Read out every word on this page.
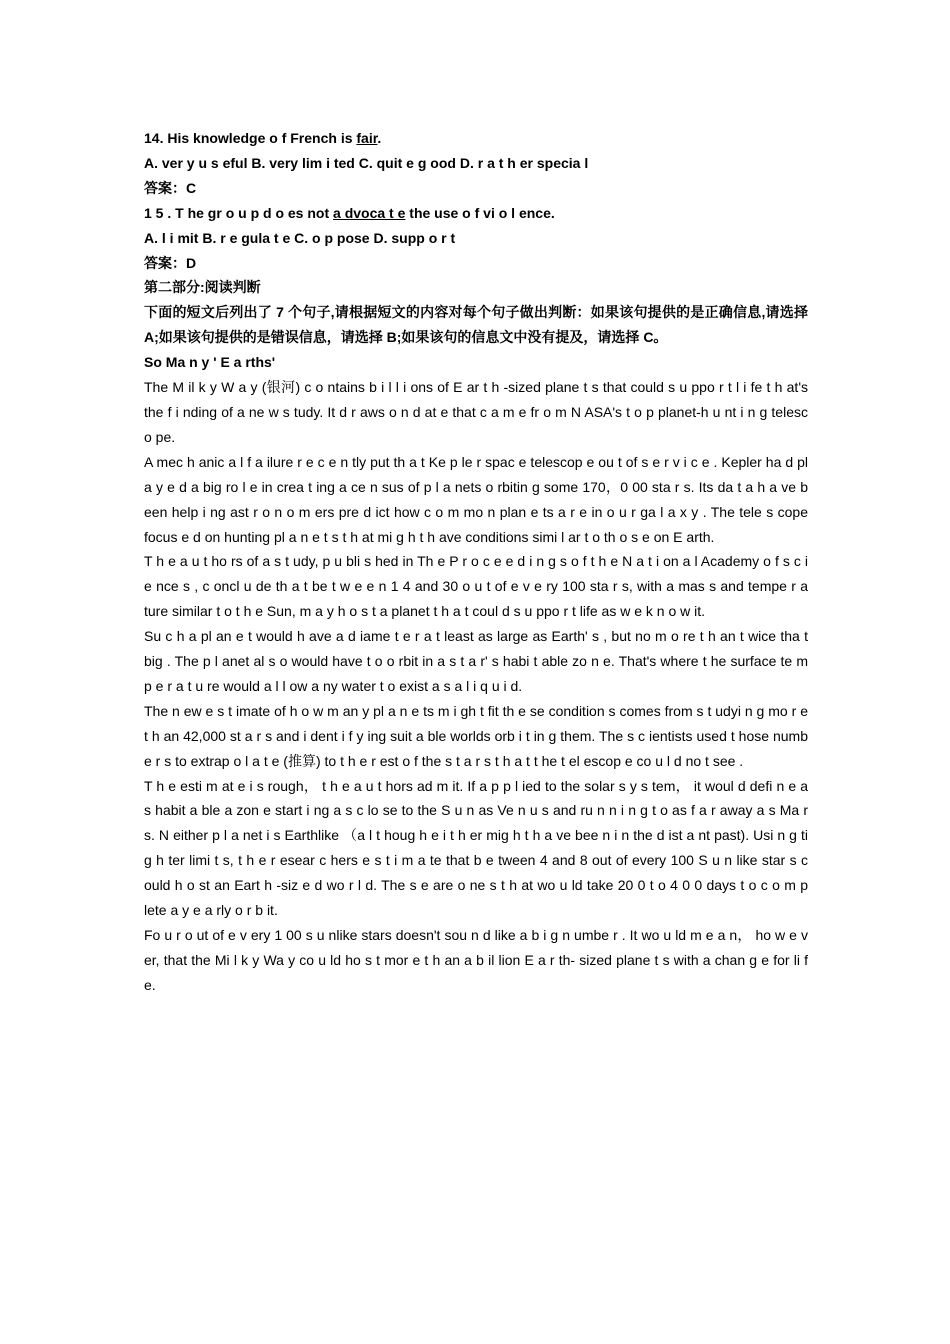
14. His knowledge o f French is fair.
A. ver y u s eful B. very lim i ted C. quit e g ood D. r a t h er specia l
答案：C
1 5 . T he gr o u p d o es not a dvoca t e the use o f vi o l ence.
A. l i mit B. r e gula t e C. o p pose D. supp o r t
答案：D
第二部分:阅读判断
下面的短文后列出了 7 个句子,请根据短文的内容对每个句子做出判断：如果该句提供的是正确信息,请选择 A;如果该句提供的是错误信息，请选择 B;如果该句的信息文中没有提及，请选择 C。
So Ma n y ' E a rths'
The M il k y W a y (银河) c o ntains b i l l i ons of E ar t h -sized plane t s that could s u ppo r t l i fe t h at's the f i nding of a ne w s tudy. It d r aws o n d at e that c a m e fr o m N ASA's t o p planet-h u nt i n g telesc o pe.
A mec h anic a l f a ilure r e c e n tly put th a t Ke p le r spac e telescop e ou t of s e r v i c e . Kepler ha d pl a y e d a big ro l e in crea t ing a ce n sus of p l a nets o rbitin g some 170，0 00 sta r s. Its da t a h a ve b een help i ng ast r o n o m ers pre d ict how c o m mo n plan e ts a r e in o u r ga l a x y . The tele s cope focus e d on hunting pl a n e t s t h at mi g h t h ave conditions simi l ar t o th o s e on E arth.
T h e a u t ho rs of a s t udy, p u bli s hed in Th e P r o c e e d i n g s o f t h e N a t i on a l Academy o f s c i e nce s , c oncl u de th a t be t w e e n 1 4 and 30 o u t of e v e ry 100 sta r s, with a mas s and tempe r a ture similar t o t h e Sun, m a y h o s t a planet t h a t coul d s u ppo r t life as w e k n o w it.
Su c h a pl an e t would h ave a d iame t e r a t least as large as Earth' s , but no m o re t h an t wice tha t big . The p l anet al s o would have t o o rbit in a s t a r' s habi t able zo n e. That's where t he surface te m p e r a t u re would a l l ow a ny water t o exist a s a l i q u i d.
The n ew e s t imate of h o w m an y pl a n e ts m i gh t fit th e se condition s comes from s t udyi n g mo r e t h an 42,000 st a r s and i dent i f y ing suit a ble worlds orb i t in g them. The s c ientists used t hose numb e r s to extrap o l a t e (推算) to t h e r est o f the s t a r s t h a t t he t el escop e co u l d no t see .
T h e esti m at e i s rough， t h e a u t hors ad m it. If a p p l ied to the solar s y s tem， it woul d defi n e a s habit a ble a zon e start i ng a s c lo se to the S u n as Ve n u s and ru n n i n g t o as f a r away a s Ma r s. N either p l a net i s Earthlike （a l t houg h e i t h er mig h t h a ve bee n i n the d ist a nt past). Usi n g ti g h ter limi t s, t h e r esear c hers e s t i m a te that b e tween 4 and 8 out of every 100 S u n like star s c ould h o st an Eart h -siz e d wo r l d. The s e are o ne s t h at wo u ld take 20 0 t o 4 0 0 days t o c o m p lete a y e a rly o r b it.
Fo u r o ut of e v ery 1 00 s u nlike stars doesn't sou n d like a b i g n umbe r . It wo u ld m e a n， ho w e v er, that the Mi l k y Wa y co u ld ho s t mor e t h an a b il lion E a r th- sized plane t s with a chan g e for li f e.
